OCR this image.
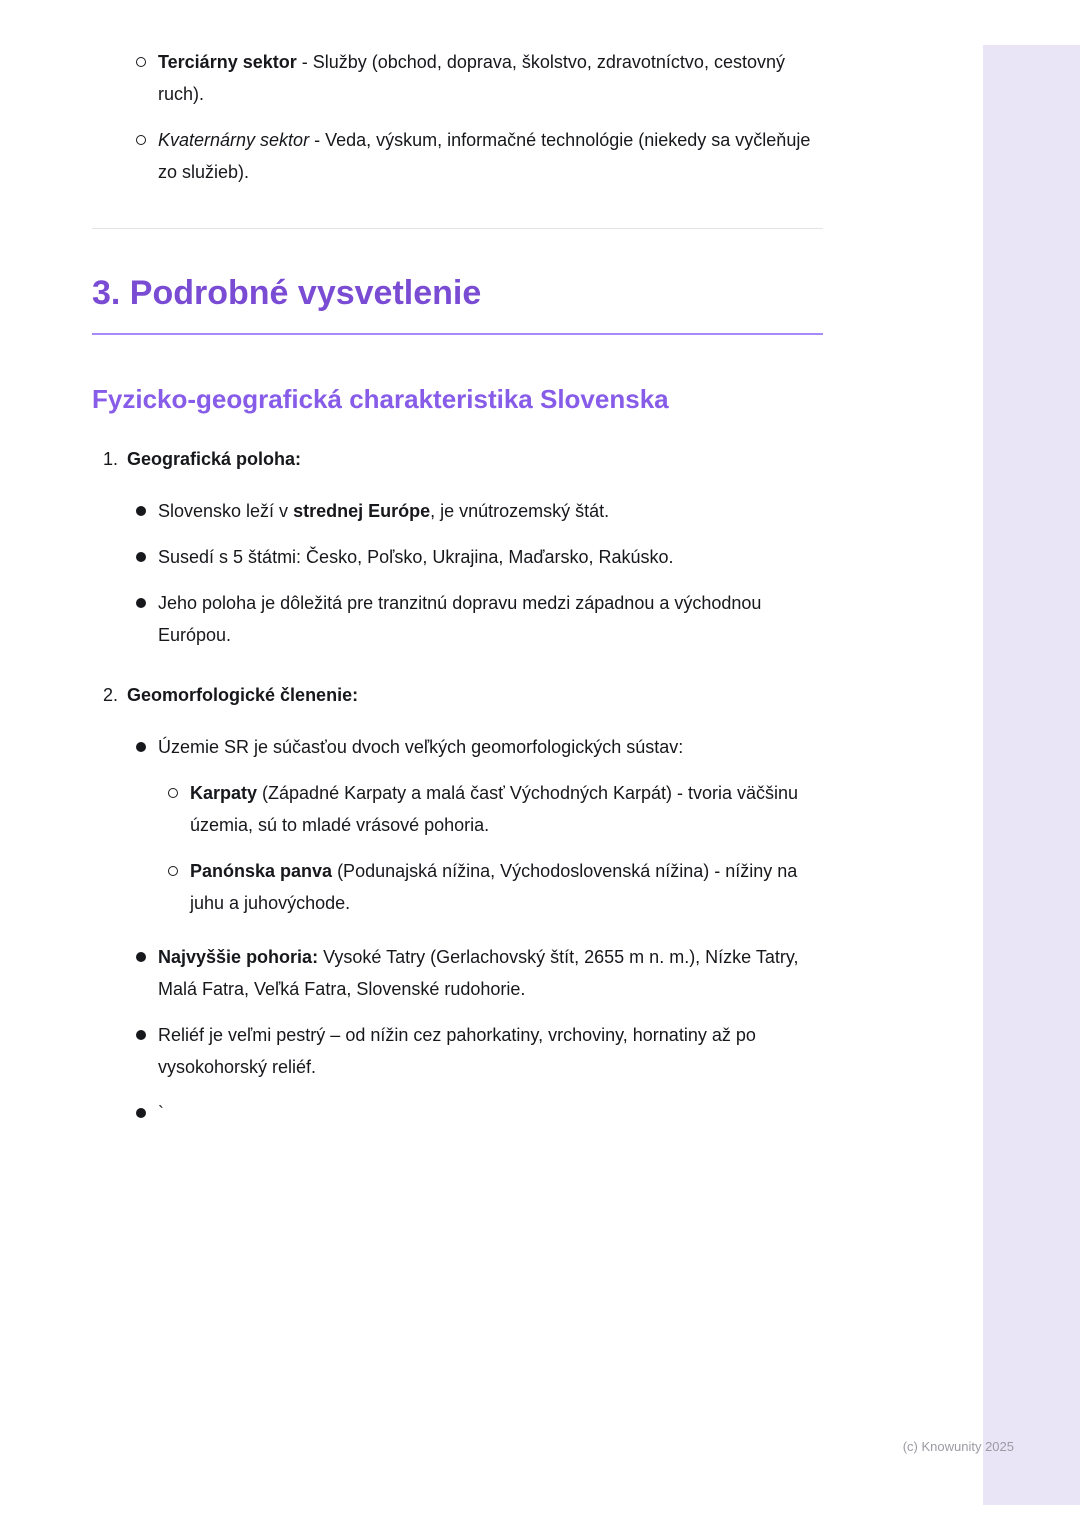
Terciárny sektor - Služby (obchod, doprava, školstvo, zdravotníctvo, cestovný ruch).

Kvaternárny sektor - Veda, výskum, informačné technológie (niekedy sa vyčleňuje zo služieb).

3. Podrobné vysvetlenie
Fyzicko-geografická charakteristika Slovenska
1. Geografická poloha:

Slovensko leží v strednej Európe, je vnútrozemský štát.

Susedí s 5 štátmi: Česko, Poľsko, Ukrajina, Maďarsko, Rakúsko.

Jeho poloha je dôležitá pre tranzitnú dopravu medzi západnou a východnou Európou.

2. Geomorfologické členenie:

Územie SR je súčasťou dvoch veľkých geomorfologických sústav:

Karpaty (Západné Karpaty a malá časť Východných Karpát) - tvoria väčšinu územia, sú to mladé vrásové pohoria.

Panónska panva (Podunajská nížina, Východoslovenská nížina) - nížiny na juhu a juhovýchode.

Najvyššie pohoria: Vysoké Tatry (Gerlachovský štít, 2655 m n. m.), Nízke Tatry, Malá Fatra, Veľká Fatra, Slovenské rudohorie.

Reliéf je veľmi pestrý – od nížin cez pahorkatiny, vrchoviny, hornatiny až po vysokohorský reliéf.

`

(c) Knowunity 2025
